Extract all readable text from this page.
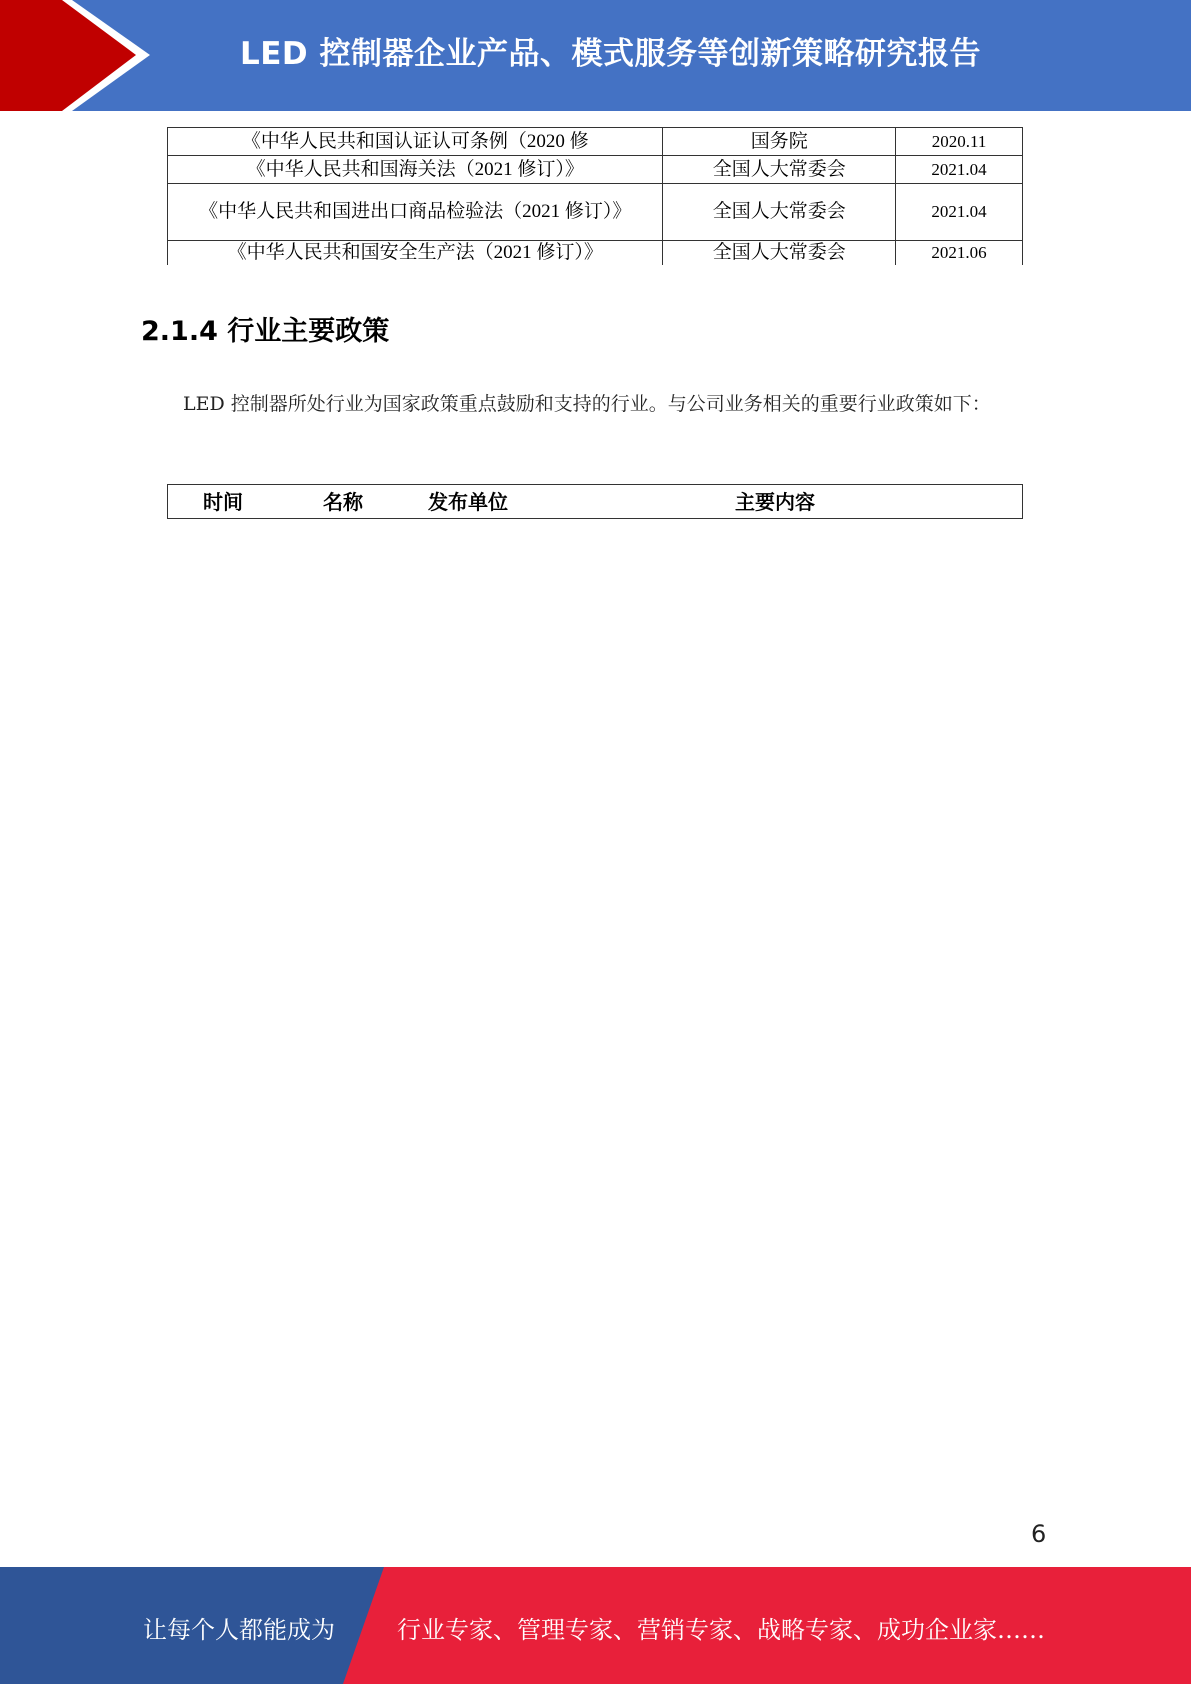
LED 控制器企业产品、模式服务等创新策略研究报告
《中华人民共和国认证认可条例（2020 修	国务院	2020.11
《中华人民共和国海关法（2021 修订）》	全国人大常委会	2021.04
《中华人民共和国进出口商品检验法（2021 修订）》	全国人大常委会	2021.04
《中华人民共和国安全生产法（2021 修订）》	全国人大常委会	2021.06
2.1.4 行业主要政策
LED 控制器所处行业为国家政策重点鼓励和支持的行业。与公司业务相关的重要行业政策如下：
时间	名称	发布单位	主要内容
6
让每个人都能成为	行业专家、管理专家、营销专家、战略专家、成功企业家……
